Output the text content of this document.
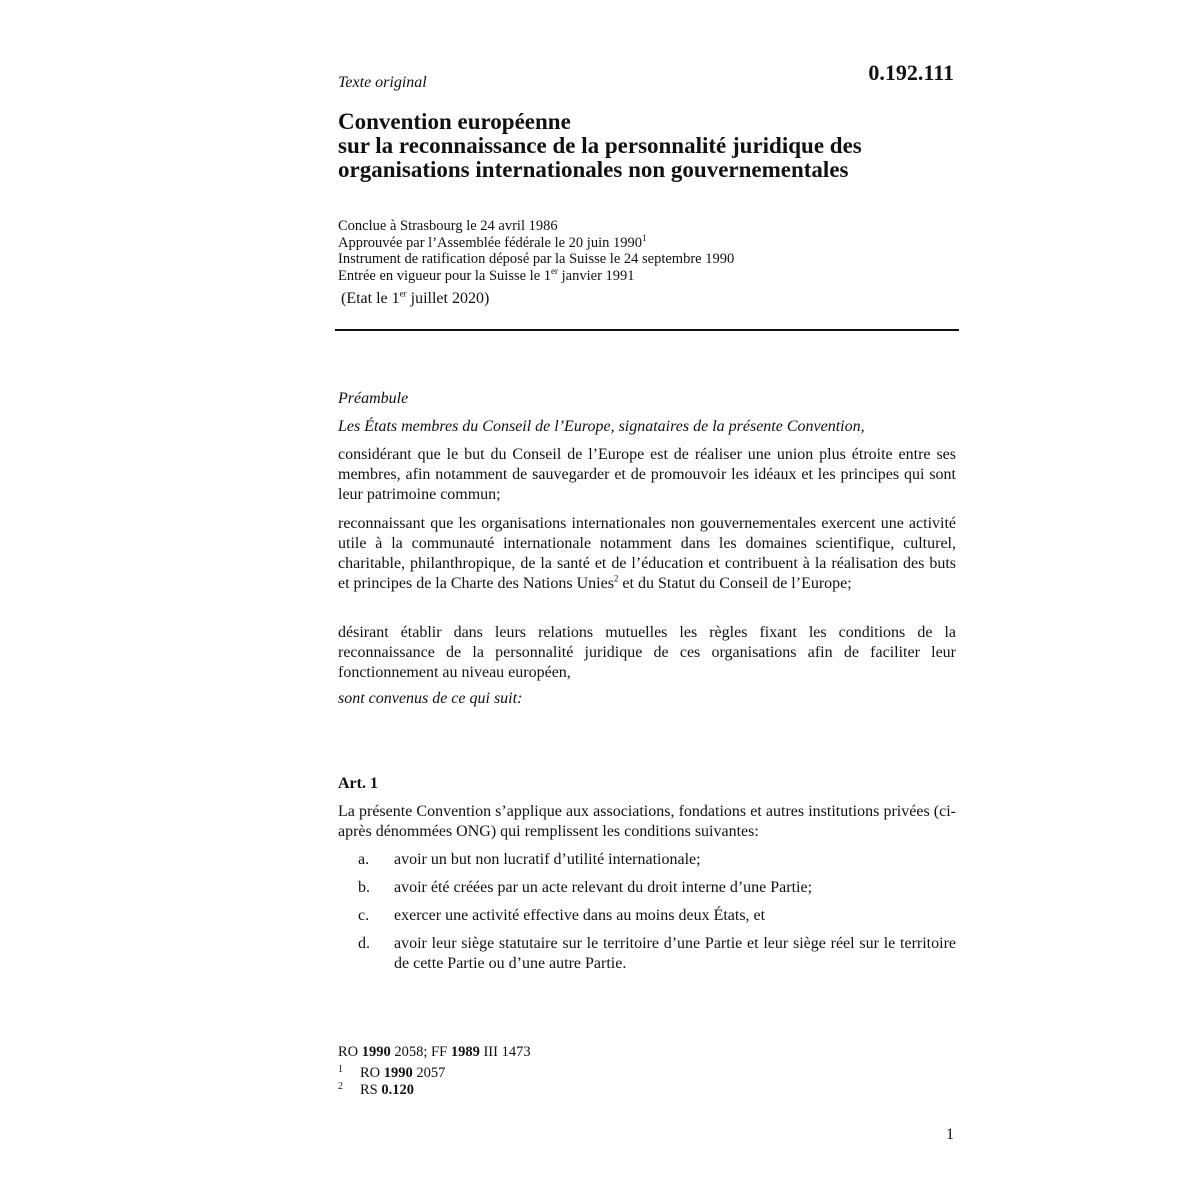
Texte original	0.192.111
Convention européenne
sur la reconnaissance de la personnalité juridique des
organisations internationales non gouvernementales
Conclue à Strasbourg le 24 avril 1986
Approuvée par l’Assemblée fédérale le 20 juin 1990$^1$
Instrument de ratification déposé par la Suisse le 24 septembre 1990
Entrée en vigueur pour la Suisse le 1er janvier 1991
(Etat le 1er juillet 2020)
Préambule
Les États membres du Conseil de l’Europe, signataires de la présente Convention,

considérant que le but du Conseil de l’Europe est de réaliser une union plus étroite entre ses membres, afin notamment de sauvegarder et de promouvoir les idéaux et les principes qui sont leur patrimoine commun;

reconnaissant que les organisations internationales non gouvernementales exercent une activité utile à la communauté internationale notamment dans les domaines scientifique, culturel, charitable, philanthropique, de la santé et de l’éducation et contribuent à la réalisation des buts et principes de la Charte des Nations Unies$^2$ et du Statut du Conseil de l’Europe;

désirant établir dans leurs relations mutuelles les règles fixant les conditions de la reconnaissance de la personnalité juridique de ces organisations afin de faciliter leur fonctionnement au niveau européen,

sont convenus de ce qui suit:
Art. 1

La présente Convention s’applique aux associations, fondations et autres institutions privées (ci-après dénommées ONG) qui remplissent les conditions suivantes:

a.	avoir un but non lucratif d’utilité internationale;
b.	avoir été créées par un acte relevant du droit interne d’une Partie;
c.	exercer une activité effective dans au moins deux États, et
d.	avoir leur siège statutaire sur le territoire d’une Partie et leur siège réel sur le territoire de cette Partie ou d’une autre Partie.
RO 1990 2058; FF 1989 III 1473
1 RO 1990 2057
2 RS 0.120
1
